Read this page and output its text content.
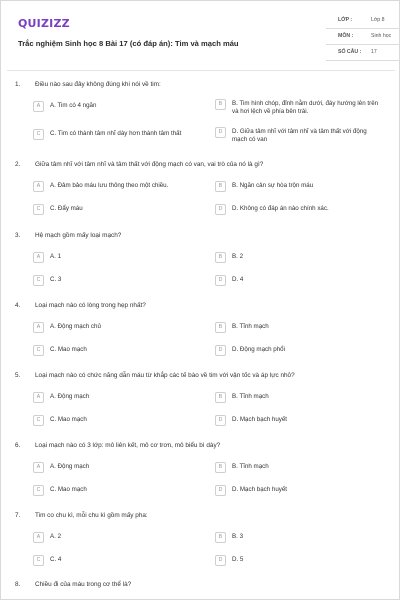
QUIZIZZ
Trắc nghiệm Sinh học 8 Bài 17 (có đáp án): Tim và mạch máu
LỚP :	Lớp 8
MÔN :	Sinh học
SỐ CÂU : 17
1. Điều nào sau đây không đúng khi nói về tim:
A	A. Tim có 4 ngăn	B	B. Tim hình chóp, đỉnh nằm dưới, đáy hướng lên trên và hơi lệch về phía bên trái.
C	C. Tim có thành tâm nhĩ dày hơn thành tâm thất	D	D. Giữa tâm nhĩ với tâm nhĩ và tâm thất với động mạch có van
2. Giữa tâm nhĩ với tâm nhĩ và tâm thất với động mạch có van, vai trò của nó là gì?
A	A. Đảm bảo máu lưu thông theo một chiều.	B	B. Ngăn cản sự hòa trộn máu
C	C. Đẩy máu	D	D. Không có đáp án nào chính xác.
3. Hệ mạch gồm mấy loại mạch?
A	A. 1	B	B. 2
C	C. 3	D	D. 4
4. Loại mạch nào có lòng trong hẹp nhất?
A	A. Động mạch chủ	B	B. Tĩnh mạch
C	C. Mao mạch	D	D. Động mạch phổi
5. Loại mạch nào có chức năng dẫn máu từ khắp các tế bào về tim với vận tốc và áp lực nhỏ?
A	A. Động mạch	B	B. Tĩnh mạch
C	C. Mao mạch	D	D. Mạch bạch huyết
6. Loại mạch nào có 3 lớp: mô liên kết, mô cơ trơn, mô biểu bì dày?
A	A. Động mạch	B	B. Tĩnh mạch
C	C. Mao mạch	D	D. Mạch bạch huyết
7. Tim co chu kì, mỗi chu kì gồm mấy pha:
A	A. 2	B	B. 3
C	C. 4	D	D. 5
8. Chiều đi của máu trong cơ thể là?
